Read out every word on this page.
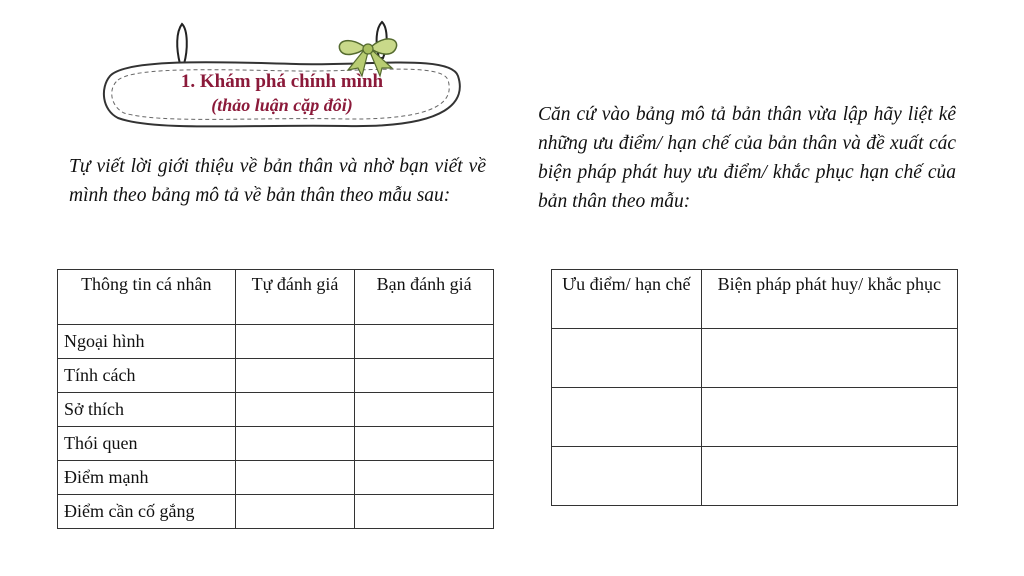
1. Khám phá chính mình
(thảo luận cặp đôi)

Tự viết lời giới thiệu về bản thân và nhờ bạn viết về mình theo bảng mô tả về bản thân theo mẫu sau:

Căn cứ vào bảng mô tả bản thân vừa lập hãy liệt kê những ưu điểm/ hạn chế của bản thân và đề xuất các biện pháp phát huy ưu điểm/ khắc phục hạn chế của bản thân theo mẫu:

Thông tin cá nhân	Tự đánh giá	Bạn đánh giá
Ngoại hình		
Tính cách		
Sở thích		
Thói quen		
Điểm mạnh		
Điểm cần cố gắng		
Ưu điểm/ hạn chế	Biện pháp phát huy/ khắc phục
